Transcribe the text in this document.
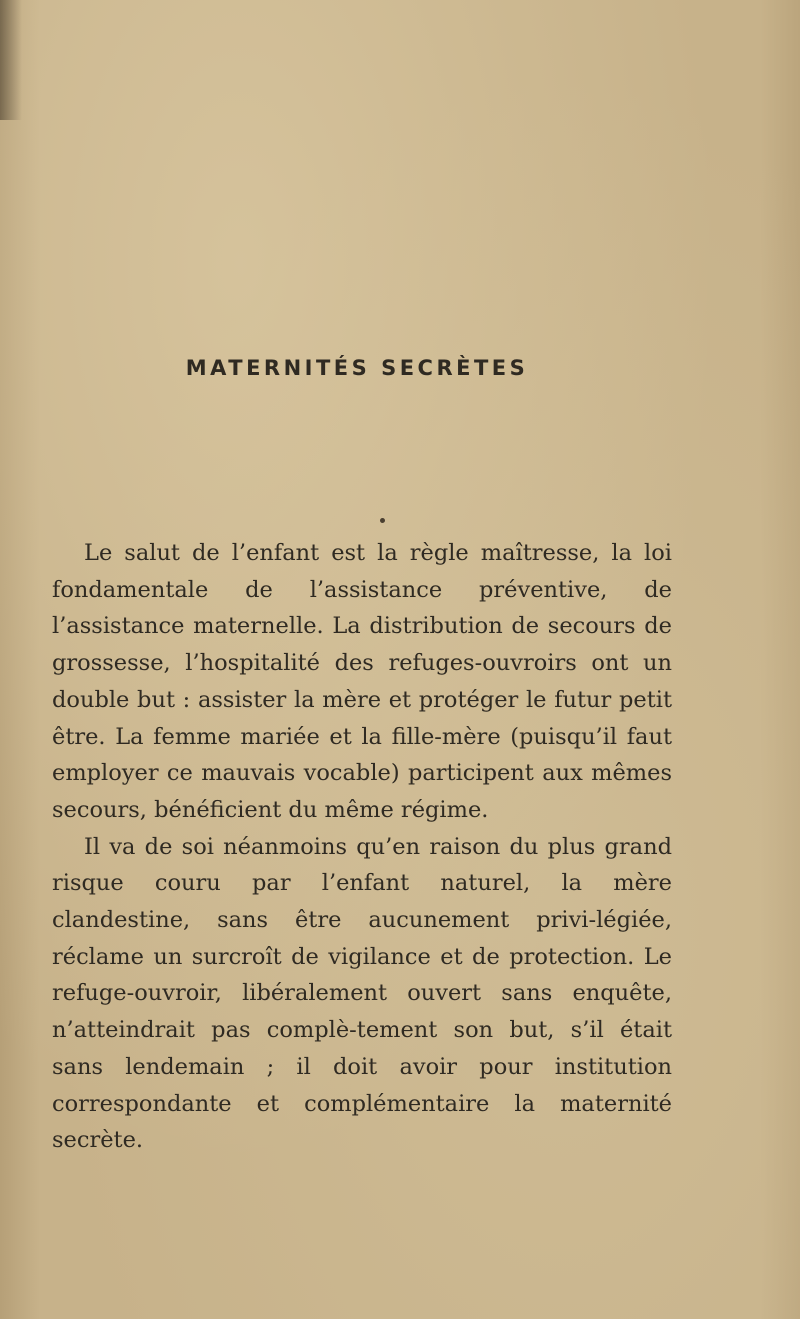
MATERNITÉS SECRÈTES

Le salut de l’enfant est la règle maîtresse, la loi fondamentale de l’assistance préventive, de l’assistance maternelle. La distribution de secours de grossesse, l’hospitalité des refuges-ouvroirs ont un double but : assister la mère et protéger le futur petit être. La femme mariée et la fille-mère (puisqu’il faut employer ce mauvais vocable) participent aux mêmes secours, bénéficient du même régime.

Il va de soi néanmoins qu’en raison du plus grand risque couru par l’enfant naturel, la mère clandestine, sans être aucunement privi-légiée, réclame un surcroît de vigilance et de protection. Le refuge-ouvroir, libéralement ouvert sans enquête, n’atteindrait pas complè-tement son but, s’il était sans lendemain ; il doit avoir pour institution correspondante et complémentaire la maternité secrète.
